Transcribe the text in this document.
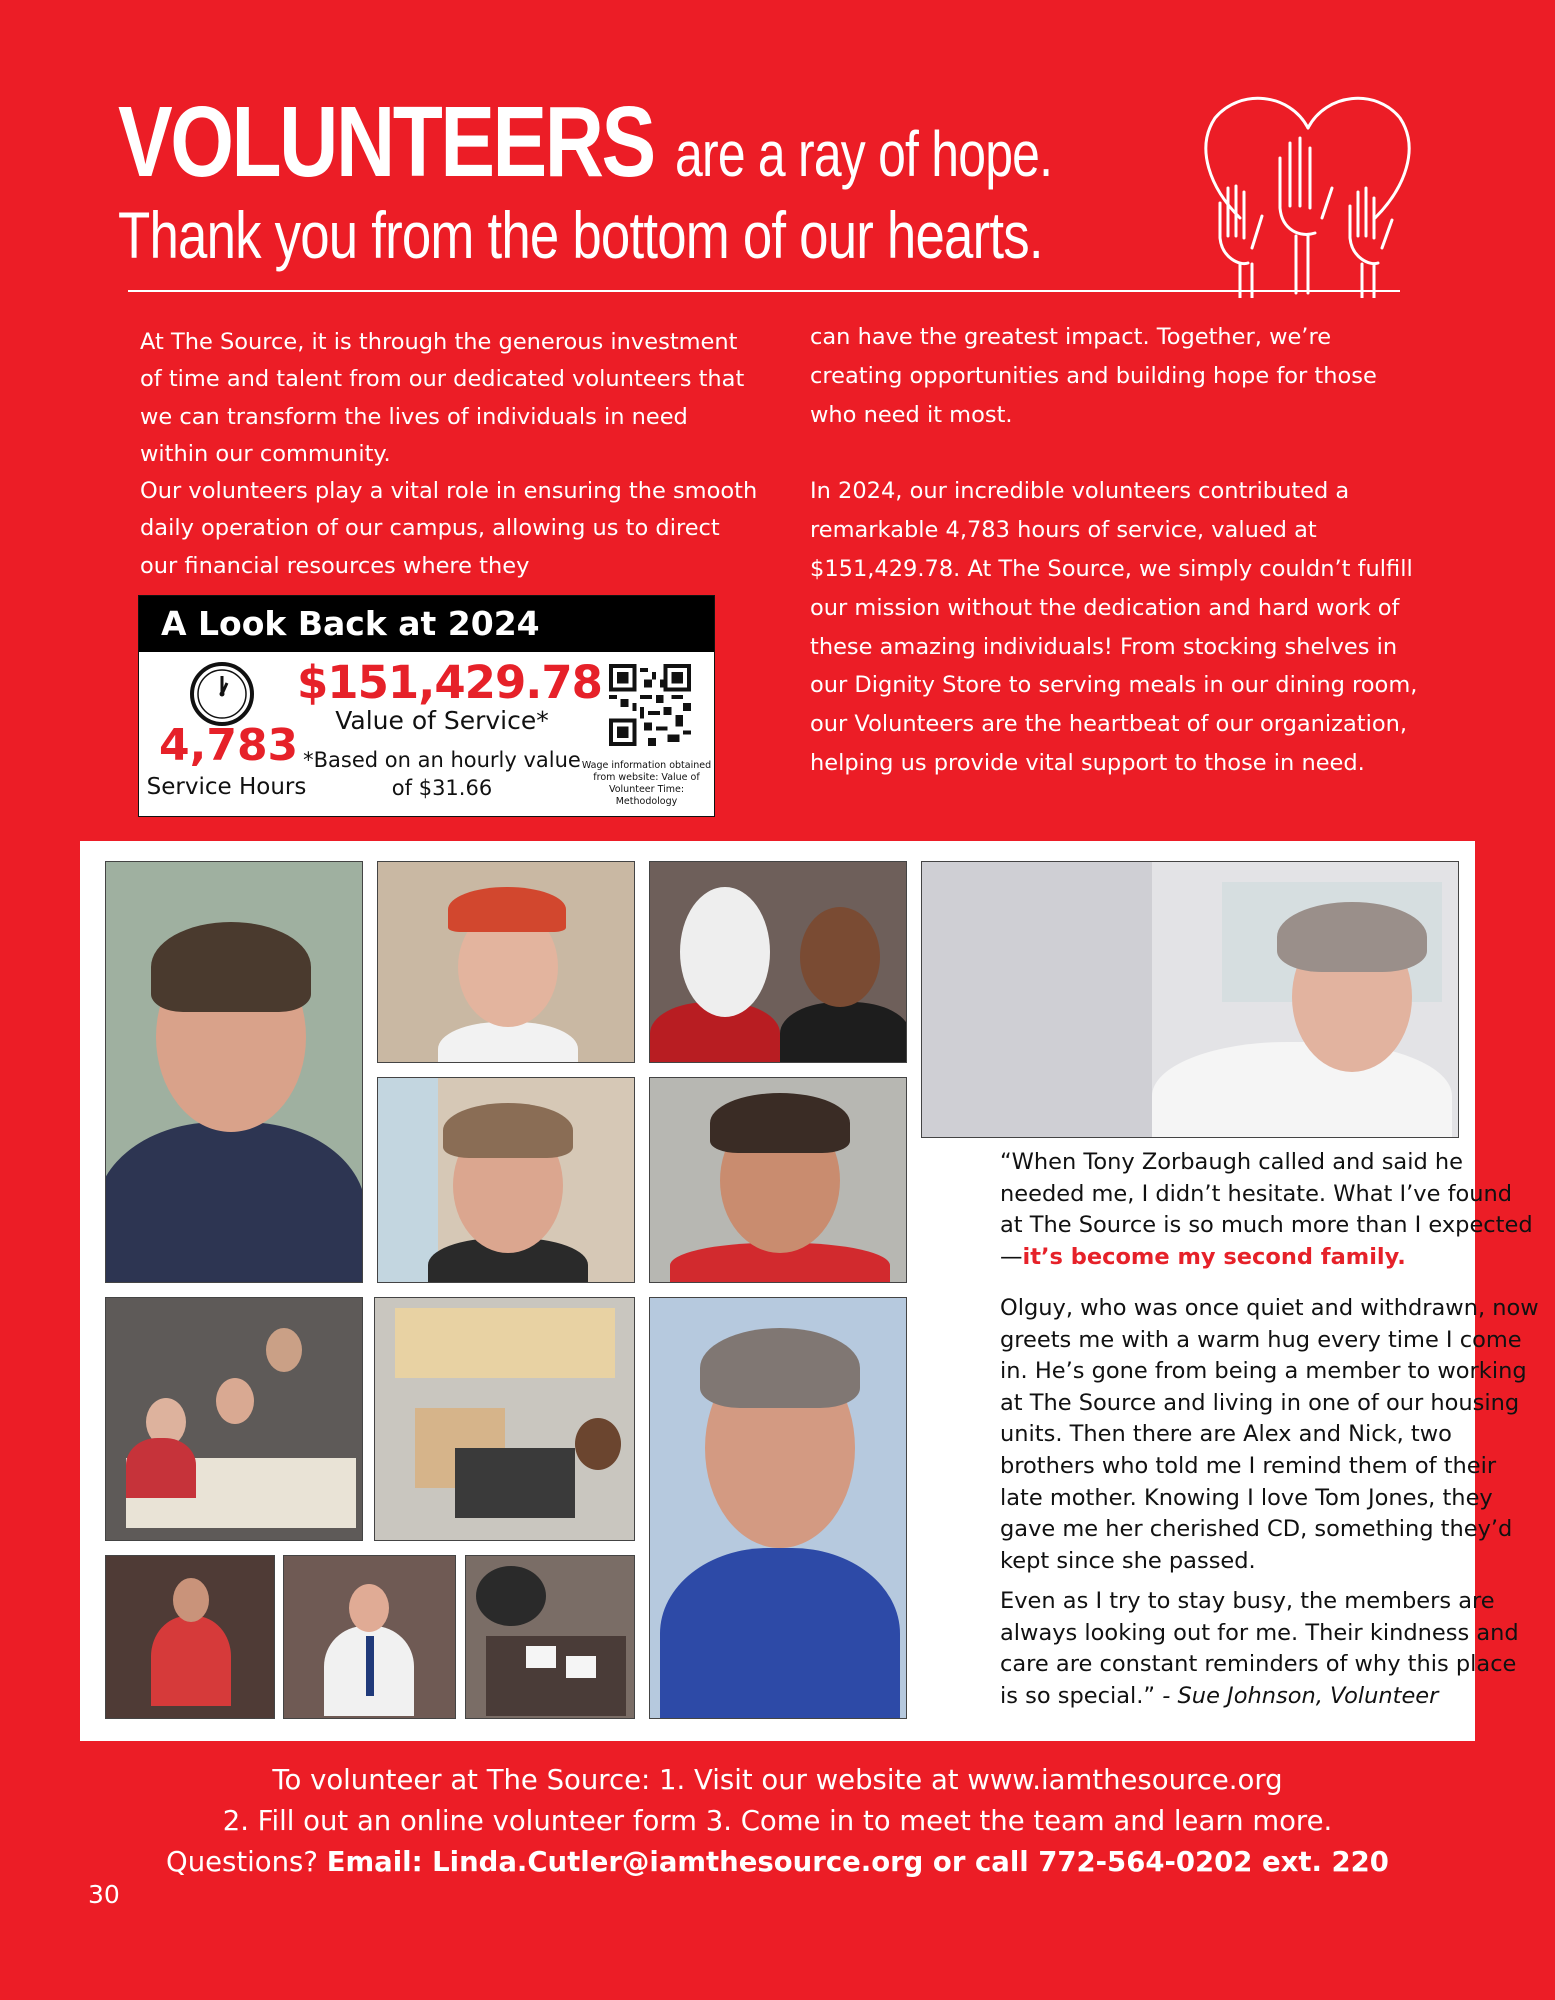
VOLUNTEERSare a ray of hope.
Thank you from the bottom of our hearts.
At The Source, it is through the generous investment of time and talent from our dedicated volunteers that we can transform the lives of individuals in need within our community.
Our volunteers play a vital role in ensuring the smooth daily operation of our campus, allowing us to direct our financial resources where they
can have the greatest impact. Together, we’re creating opportunities and building hope for those who need it most.
In 2024, our incredible volunteers contributed a remarkable 4,783 hours of service, valued at $151,429.78. At The Source, we simply couldn’t fulfill our mission without the dedication and hard work of these amazing individuals! From stocking shelves in our Dignity Store to serving meals in our dining room, our Volunteers are the heartbeat of our organization, helping us provide vital support to those in need.
A Look Back at 2024
4,783
Service Hours
$151,429.78
Value of Service*
*Based on an hourly value of $31.66
Wage information obtained from website: Value of Volunteer Time: Methodology
“When Tony Zorbaugh called and said he needed me, I didn’t hesitate. What I’ve found at The Source is so much more than I expected—it’s become my second family.
Olguy, who was once quiet and withdrawn, now greets me with a warm hug every time I come in. He’s gone from being a member to working at The Source and living in one of our housing units. Then there are Alex and Nick, two brothers who told me I remind them of their late mother. Knowing I love Tom Jones, they gave me her cherished CD, something they’d kept since she passed.
Even as I try to stay busy, the members are always looking out for me. Their kindness and care are constant reminders of why this place is so special.” - Sue Johnson, Volunteer
To volunteer at The Source: 1. Visit our website at www.iamthesource.org
2. Fill out an online volunteer form 3. Come in to meet the team and learn more.
Questions? Email: Linda.Cutler@iamthesource.org or call 772-564-0202 ext. 220
30
